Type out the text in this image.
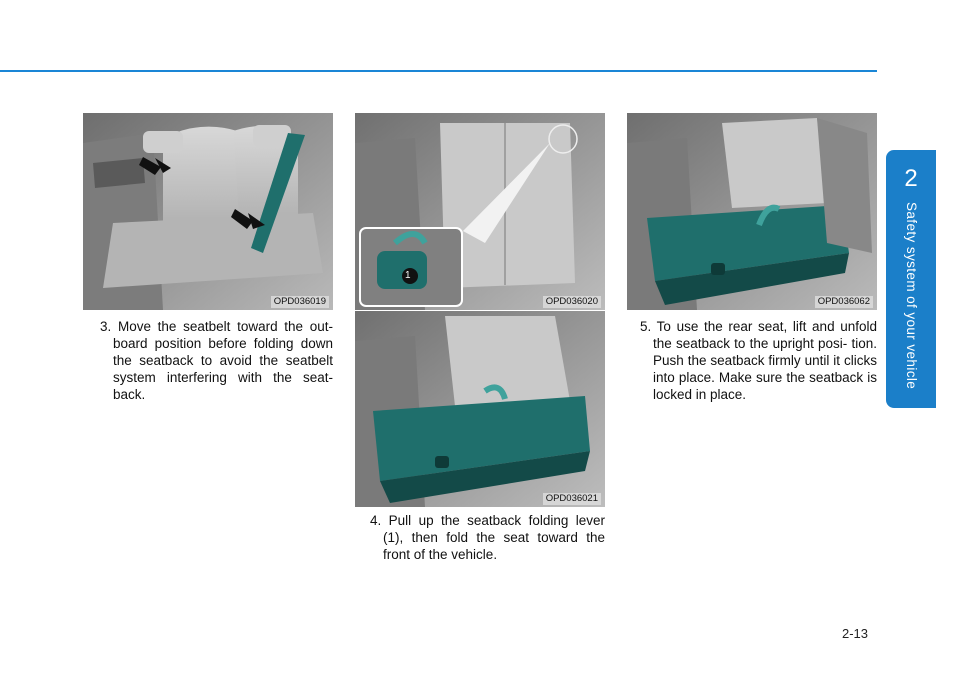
2
Safety system of your vehicle
OPD036019
1
OPD036020
OPD036021
OPD036062
3. Move the seatbelt toward the out- board position before folding down the seatback to avoid the seatbelt system interfering with the seat- back.
4. Pull up the seatback folding lever (1), then fold the seat toward the front of the vehicle.
5. To use the rear seat, lift and unfold the seatback to the upright posi- tion. Push the seatback firmly until it clicks into place. Make sure the seatback is locked in place.
2-13
